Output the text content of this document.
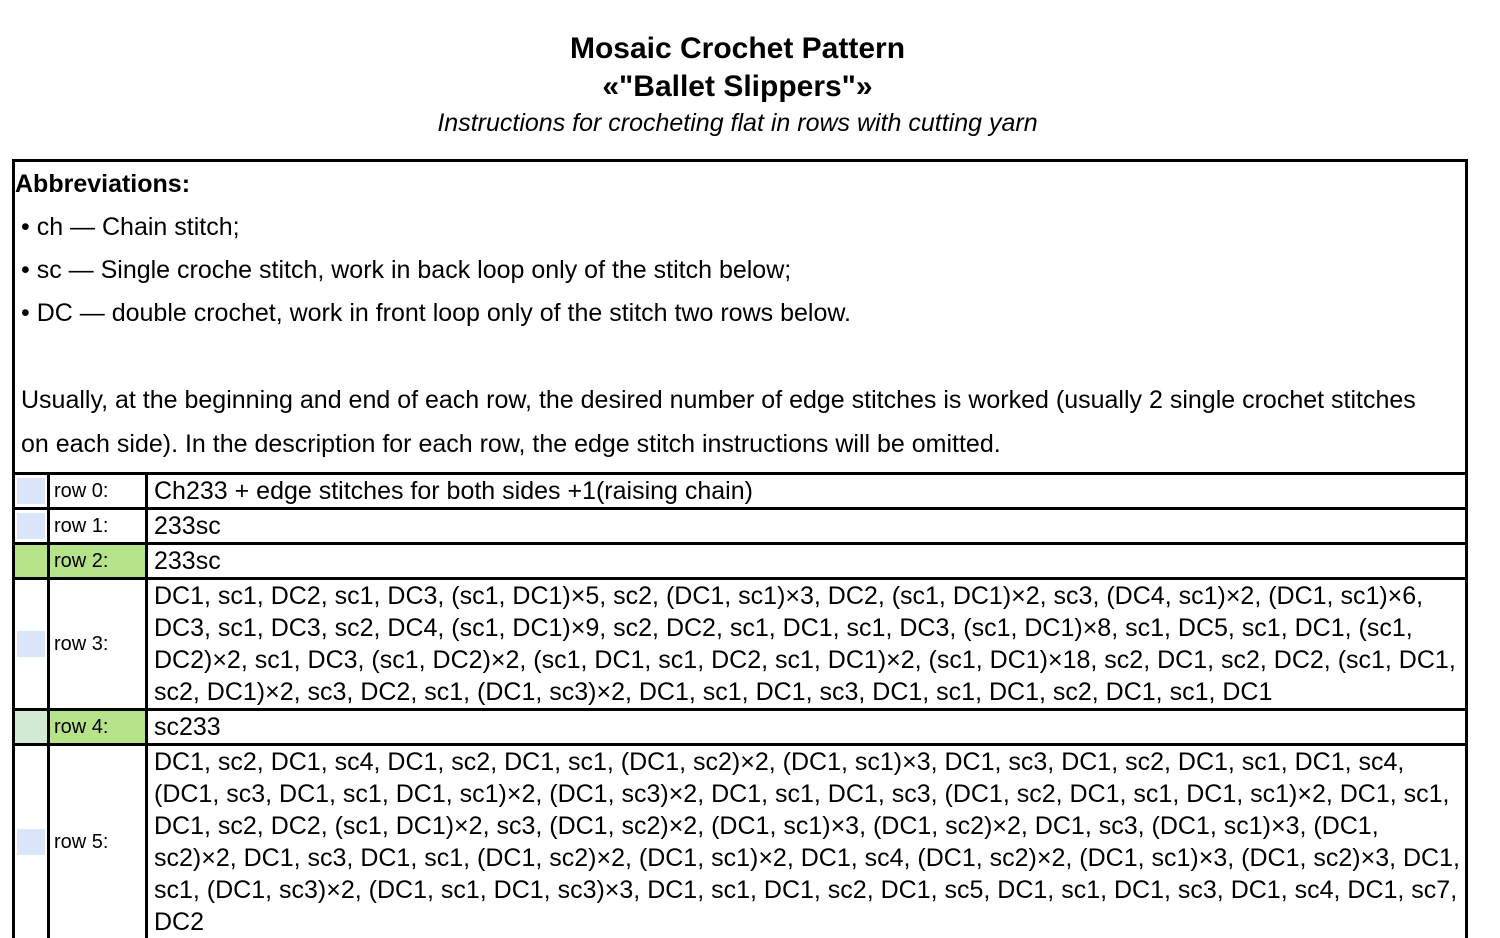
Mosaic Crochet Pattern
«"Ballet Slippers"»
Instructions for crocheting flat in rows with cutting yarn
Abbreviations:
• ch — Chain stitch;
• sc — Single croche stitch, work in back loop only of the stitch below;
• DC — double crochet, work in front loop only of the stitch two rows below.
Usually, at the beginning and end of each row, the desired number of edge stitches is worked (usually 2 single crochet stitches on each side). In the description for each row, the edge stitch instructions will be omitted.
	row 0:	Ch233 + edge stitches for both sides +1(raising chain)

	row 1:	233sc

	row 2:	233sc

	row 3:	DC1, sc1, DC2, sc1, DC3, (sc1, DC1)×5, sc2, (DC1, sc1)×3, DC2, (sc1, DC1)×2, sc3, (DC4, sc1)×2, (DC1, sc1)×6, DC3, sc1, DC3, sc2, DC4, (sc1, DC1)×9, sc2, DC2, sc1, DC1, sc1, DC3, (sc1, DC1)×8, sc1, DC5, sc1, DC1, (sc1, DC2)×2, sc1, DC3, (sc1, DC2)×2, (sc1, DC1, sc1, DC2, sc1, DC1)×2, (sc1, DC1)×18, sc2, DC1, sc2, DC2, (sc1, DC1, sc2, DC1)×2, sc3, DC2, sc1, (DC1, sc3)×2, DC1, sc1, DC1, sc3, DC1, sc1, DC1, sc2, DC1, sc1, DC1

	row 4:	sc233

	row 5:	DC1, sc2, DC1, sc4, DC1, sc2, DC1, sc1, (DC1, sc2)×2, (DC1, sc1)×3, DC1, sc3, DC1, sc2, DC1, sc1, DC1, sc4, (DC1, sc3, DC1, sc1, DC1, sc1)×2, (DC1, sc3)×2, DC1, sc1, DC1, sc3, (DC1, sc2, DC1, sc1, DC1, sc1)×2, DC1, sc1, DC1, sc2, DC2, (sc1, DC1)×2, sc3, (DC1, sc2)×2, (DC1, sc1)×3, (DC1, sc2)×2, DC1, sc3, (DC1, sc1)×3, (DC1, sc2)×2, DC1, sc3, DC1, sc1, (DC1, sc2)×2, (DC1, sc1)×2, DC1, sc4, (DC1, sc2)×2, (DC1, sc1)×3, (DC1, sc2)×3, DC1, sc1, (DC1, sc3)×2, (DC1, sc1, DC1, sc3)×3, DC1, sc1, DC1, sc2, DC1, sc5, DC1, sc1, DC1, sc3, DC1, sc4, DC1, sc7, DC2
